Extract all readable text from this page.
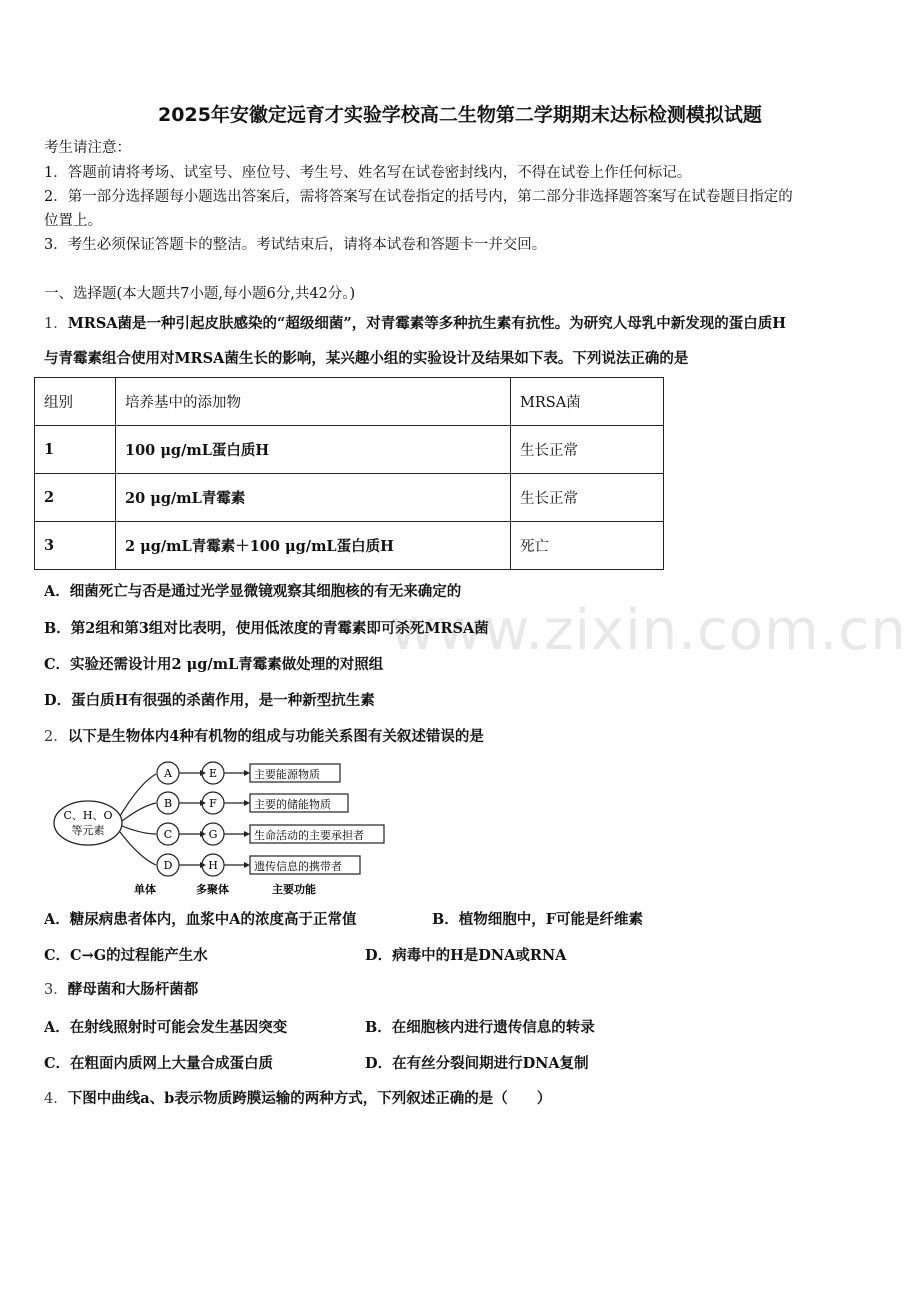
2025年安徽定远育才实验学校高二生物第二学期期末达标检测模拟试题
考生请注意：
1．答题前请将考场、试室号、座位号、考生号、姓名写在试卷密封线内，不得在试卷上作任何标记。
2．第一部分选择题每小题选出答案后，需将答案写在试卷指定的括号内，第二部分非选择题答案写在试卷题目指定的
位置上。
3．考生必须保证答题卡的整洁。考试结束后，请将本试卷和答题卡一并交回。
一、选择题(本大题共7小题,每小题6分,共42分。)
1．MRSA菌是一种引起皮肤感染的“超级细菌”，对青霉素等多种抗生素有抗性。为研究人母乳中新发现的蛋白质H
与青霉素组合使用对MRSA菌生长的影响，某兴趣小组的实验设计及结果如下表。下列说法正确的是
组别	培养基中的添加物	MRSA菌
1	100 μg/mL蛋白质H	生长正常
2	20 μg/mL青霉素	生长正常
3	2 μg/mL青霉素＋100 μg/mL蛋白质H	死亡
www.zixin.com.cn
A．细菌死亡与否是通过光学显微镜观察其细胞核的有无来确定的
B．第2组和第3组对比表明，使用低浓度的青霉素即可杀死MRSA菌
C．实验还需设计用2 μg/mL青霉素做处理的对照组
D．蛋白质H有很强的杀菌作用，是一种新型抗生素
2．以下是生物体内4种有机物的组成与功能关系图有关叙述错误的是
C、H、O
等元素
A	E	主要能源物质
B	F	主要的储能物质
C	G	生命活动的主要承担者
D	H	遗传信息的携带者
单体	多聚体	主要功能
A．糖尿病患者体内，血浆中A的浓度高于正常值	B．植物细胞中，F可能是纤维素
C．C→G的过程能产生水	D．病毒中的H是DNA或RNA
3．酵母菌和大肠杆菌都
A．在射线照射时可能会发生基因突变	B．在细胞核内进行遗传信息的转录
C．在粗面内质网上大量合成蛋白质	D．在有丝分裂间期进行DNA复制
4．下图中曲线a、b表示物质跨膜运输的两种方式，下列叙述正确的是（　　）
